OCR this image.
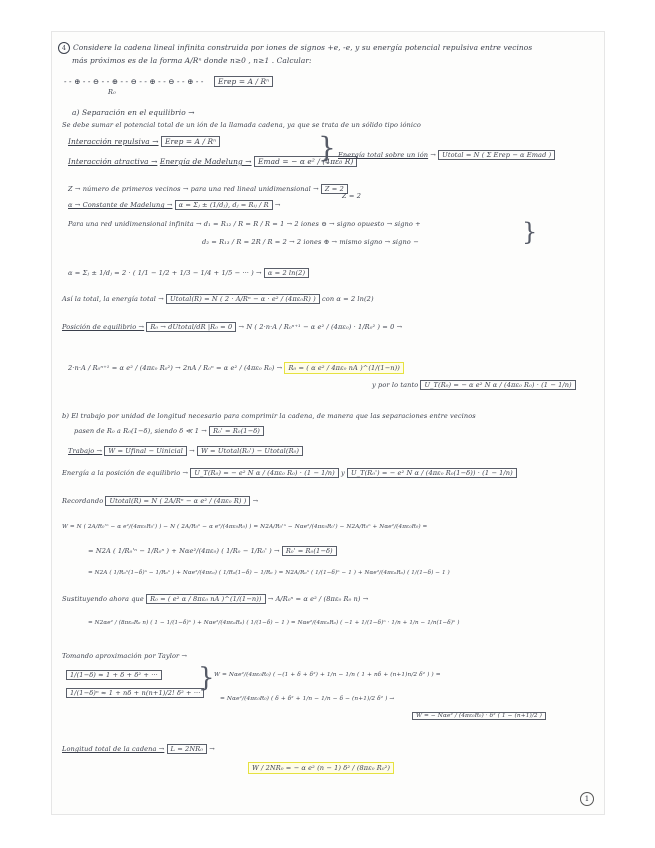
4 Considere la cadena lineal infinita construida por iones de signos +e, -e, y su energía potencial repulsiva entre vecinos
más próximos es de la forma A/Rⁿ donde n≥0 , n≥1 . Calcular:
- - ⊕ - - ⊖ - - ⊕ - - ⊖ - - ⊕ - - ⊖ - - ⊕ - - Erep = A / Rⁿ
R₀
a) Separación en el equilibrio →
Se debe sumar el potencial total de un ión de la llamada cadena, ya que se trata de un sólido tipo iónico
Interacción repulsiva → Erep = A / Rⁿ
Interacción atractiva → Energía de Madelung → Emad = − α e² / (4πε₀ R)
} Energía total sobre un ión → Utotal = N ( Σ Erep − α Emad )
Z → número de primeros vecinos → para una red lineal unidimensional → Z = 2
α → Constante de Madelung → α = Σⱼ ± (1/dⱼ), dⱼ = Rᵢⱼ / R →
Z = 2
Para una red unidimensional infinita → d₁ = R₁₂ / R = R / R = 1 → 2 iones ⊖ → signo opuesto → signo +
d₂ = R₁₃ / R = 2R / R = 2 → 2 iones ⊕ → mismo signo → signo −	}
α = Σⱼ ± 1/dⱼ = 2 · ( 1/1 − 1/2 + 1/3 − 1/4 + 1/5 − ··· ) → α = 2 ln(2)
Así la total, la energía total → Utotal(R) = N ( 2 · A/Rⁿ − α · e² / (4πε₀R) ) con α = 2 ln(2)
Posición de equilibrio → R₀ → dUtotal/dR |R₀ = 0 → N ( 2·n·A / R₀ⁿ⁺¹ − α e² / (4πε₀) · 1/R₀² ) = 0 →
2·n·A / R₀ⁿ⁺¹ = α e² / (4πε₀ R₀²) → 2nA / R₀ⁿ = α e² / (4πε₀ R₀) → R₀ = ( α e² / 4πε₀ nA )^(1/(1−n))
y por lo tanto U_T(R₀) = − α e² N α / (4πε₀ R₀) · (1 − 1/n)
b) El trabajo por unidad de longitud necesario para comprimir la cadena, de manera que las separaciones entre vecinos
pasen de R₀ a R₀(1−δ), siendo δ ≪ 1 → R₀' = R₀(1−δ)
Trabajo → W = Ufinal − Uinicial → W = Utotal(R₀') − Utotal(R₀)
Energía a la posición de equilibrio → U_T(R₀) = − e² N α / (4πε₀ R₀) · (1 − 1/n) y U_T(R₀') = − e² N α / (4πε₀ R₀(1−δ)) · (1 − 1/n)
Recordando Utotal(R) = N ( 2A/Rⁿ − α e² / (4πε₀ R) ) →
W = N ( 2A/R₀'ⁿ − α e²/(4πε₀R₀') ) − N ( 2A/R₀ⁿ − α e²/(4πε₀R₀) ) = N2A/R₀'ⁿ − Nαe²/(4πε₀R₀') − N2A/R₀ⁿ + Nαe²/(4πε₀R₀) =
= N2A ( 1/R₀'ⁿ − 1/R₀ⁿ ) + Nαe²/(4πε₀) ( 1/R₀ − 1/R₀' ) → R₀' = R₀(1−δ)
= N2A ( 1/R₀ⁿ(1−δ)ⁿ − 1/R₀ⁿ ) + Nαe²/(4πε₀) ( 1/R₀(1−δ) − 1/R₀ ) = N2A/R₀ⁿ ( 1/(1−δ)ⁿ − 1 ) + Nαe²/(4πε₀R₀) ( 1/(1−δ) − 1 )
Sustituyendo ahora que R₀ = ( e² α / 8πε₀ nA )^(1/(1−n)) → A/R₀ⁿ = α e² / (8πε₀ R₀ n) →
= N2αe² / (8πε₀R₀ n) ( 1 − 1/(1−δ)ⁿ ) + Nαe²/(4πε₀R₀) ( 1/(1−δ) − 1 ) = Nαe²/(4πε₀R₀) ( −1 + 1/(1−δ)ⁿ · 1/n + 1/n − 1/n(1−δ)ⁿ )
Tomando aproximación por Taylor →
1/(1−δ) ≈ 1 + δ + δ² + ···
1/(1−δ)ⁿ ≈ 1 + nδ + n(n+1)/2! δ² + ···
} W = Nαe²/(4πε₀R₀) ( −(1 + δ + δ²) + 1/n − 1/n ( 1 + nδ + (n+1)n/2 δ² ) ) =
= Nαe²/(4πε₀R₀) ( δ + δ² + 1/n − 1/n − δ − (n+1)/2 δ² ) →
W = − Nαe² / (4πε₀R₀) · δ² ( 1 − (n+1)/2 )
Longitud total de la cadena → L = 2NR₀ →
W / 2NR₀ = − α e² (n − 1) δ² / (8πε₀ R₀²)
1
